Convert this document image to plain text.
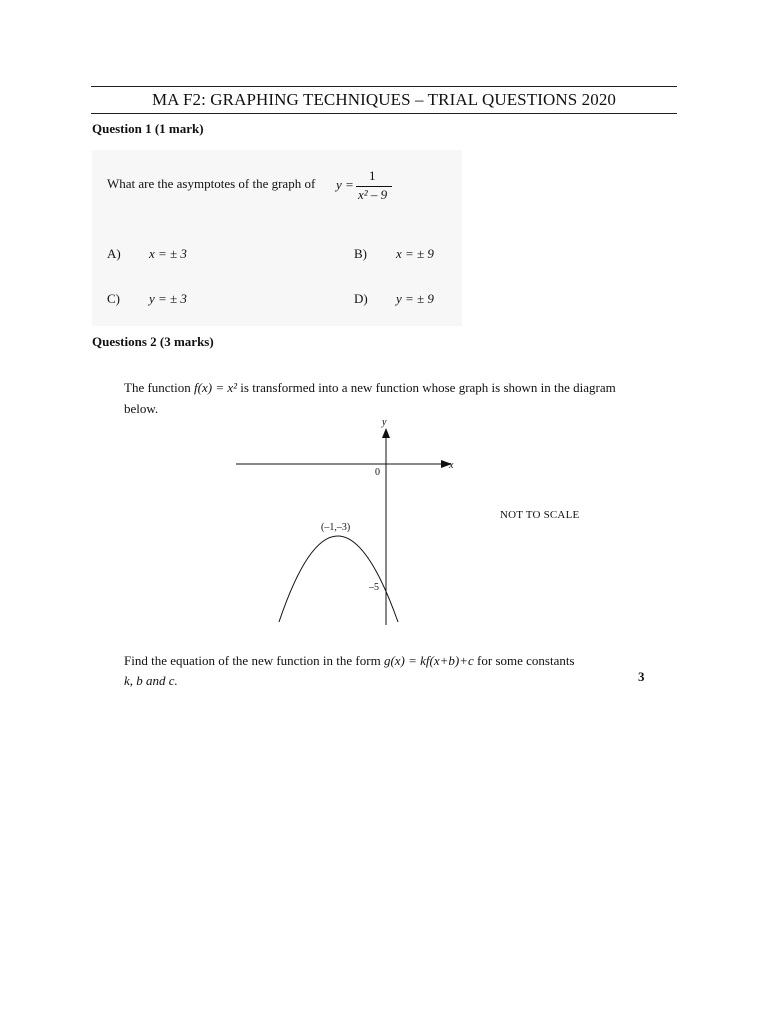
MA F2: GRAPHING TECHNIQUES – TRIAL QUESTIONS 2020
Question 1 (1 mark)
What are the asymptotes of the graph of y =
1
x² – 9
A) x = ± 3	B) x = ± 9
C) y = ± 3	D) y = ± 9
Questions 2 (3 marks)
The function f(x) = x² is transformed into a new function whose graph is shown in the diagram below.
y
x
0
(–1,–3)
–5
NOT TO SCALE
Find the equation of the new function in the form g(x) = kf(x+b)+c for some constants
k, b and c.	3
